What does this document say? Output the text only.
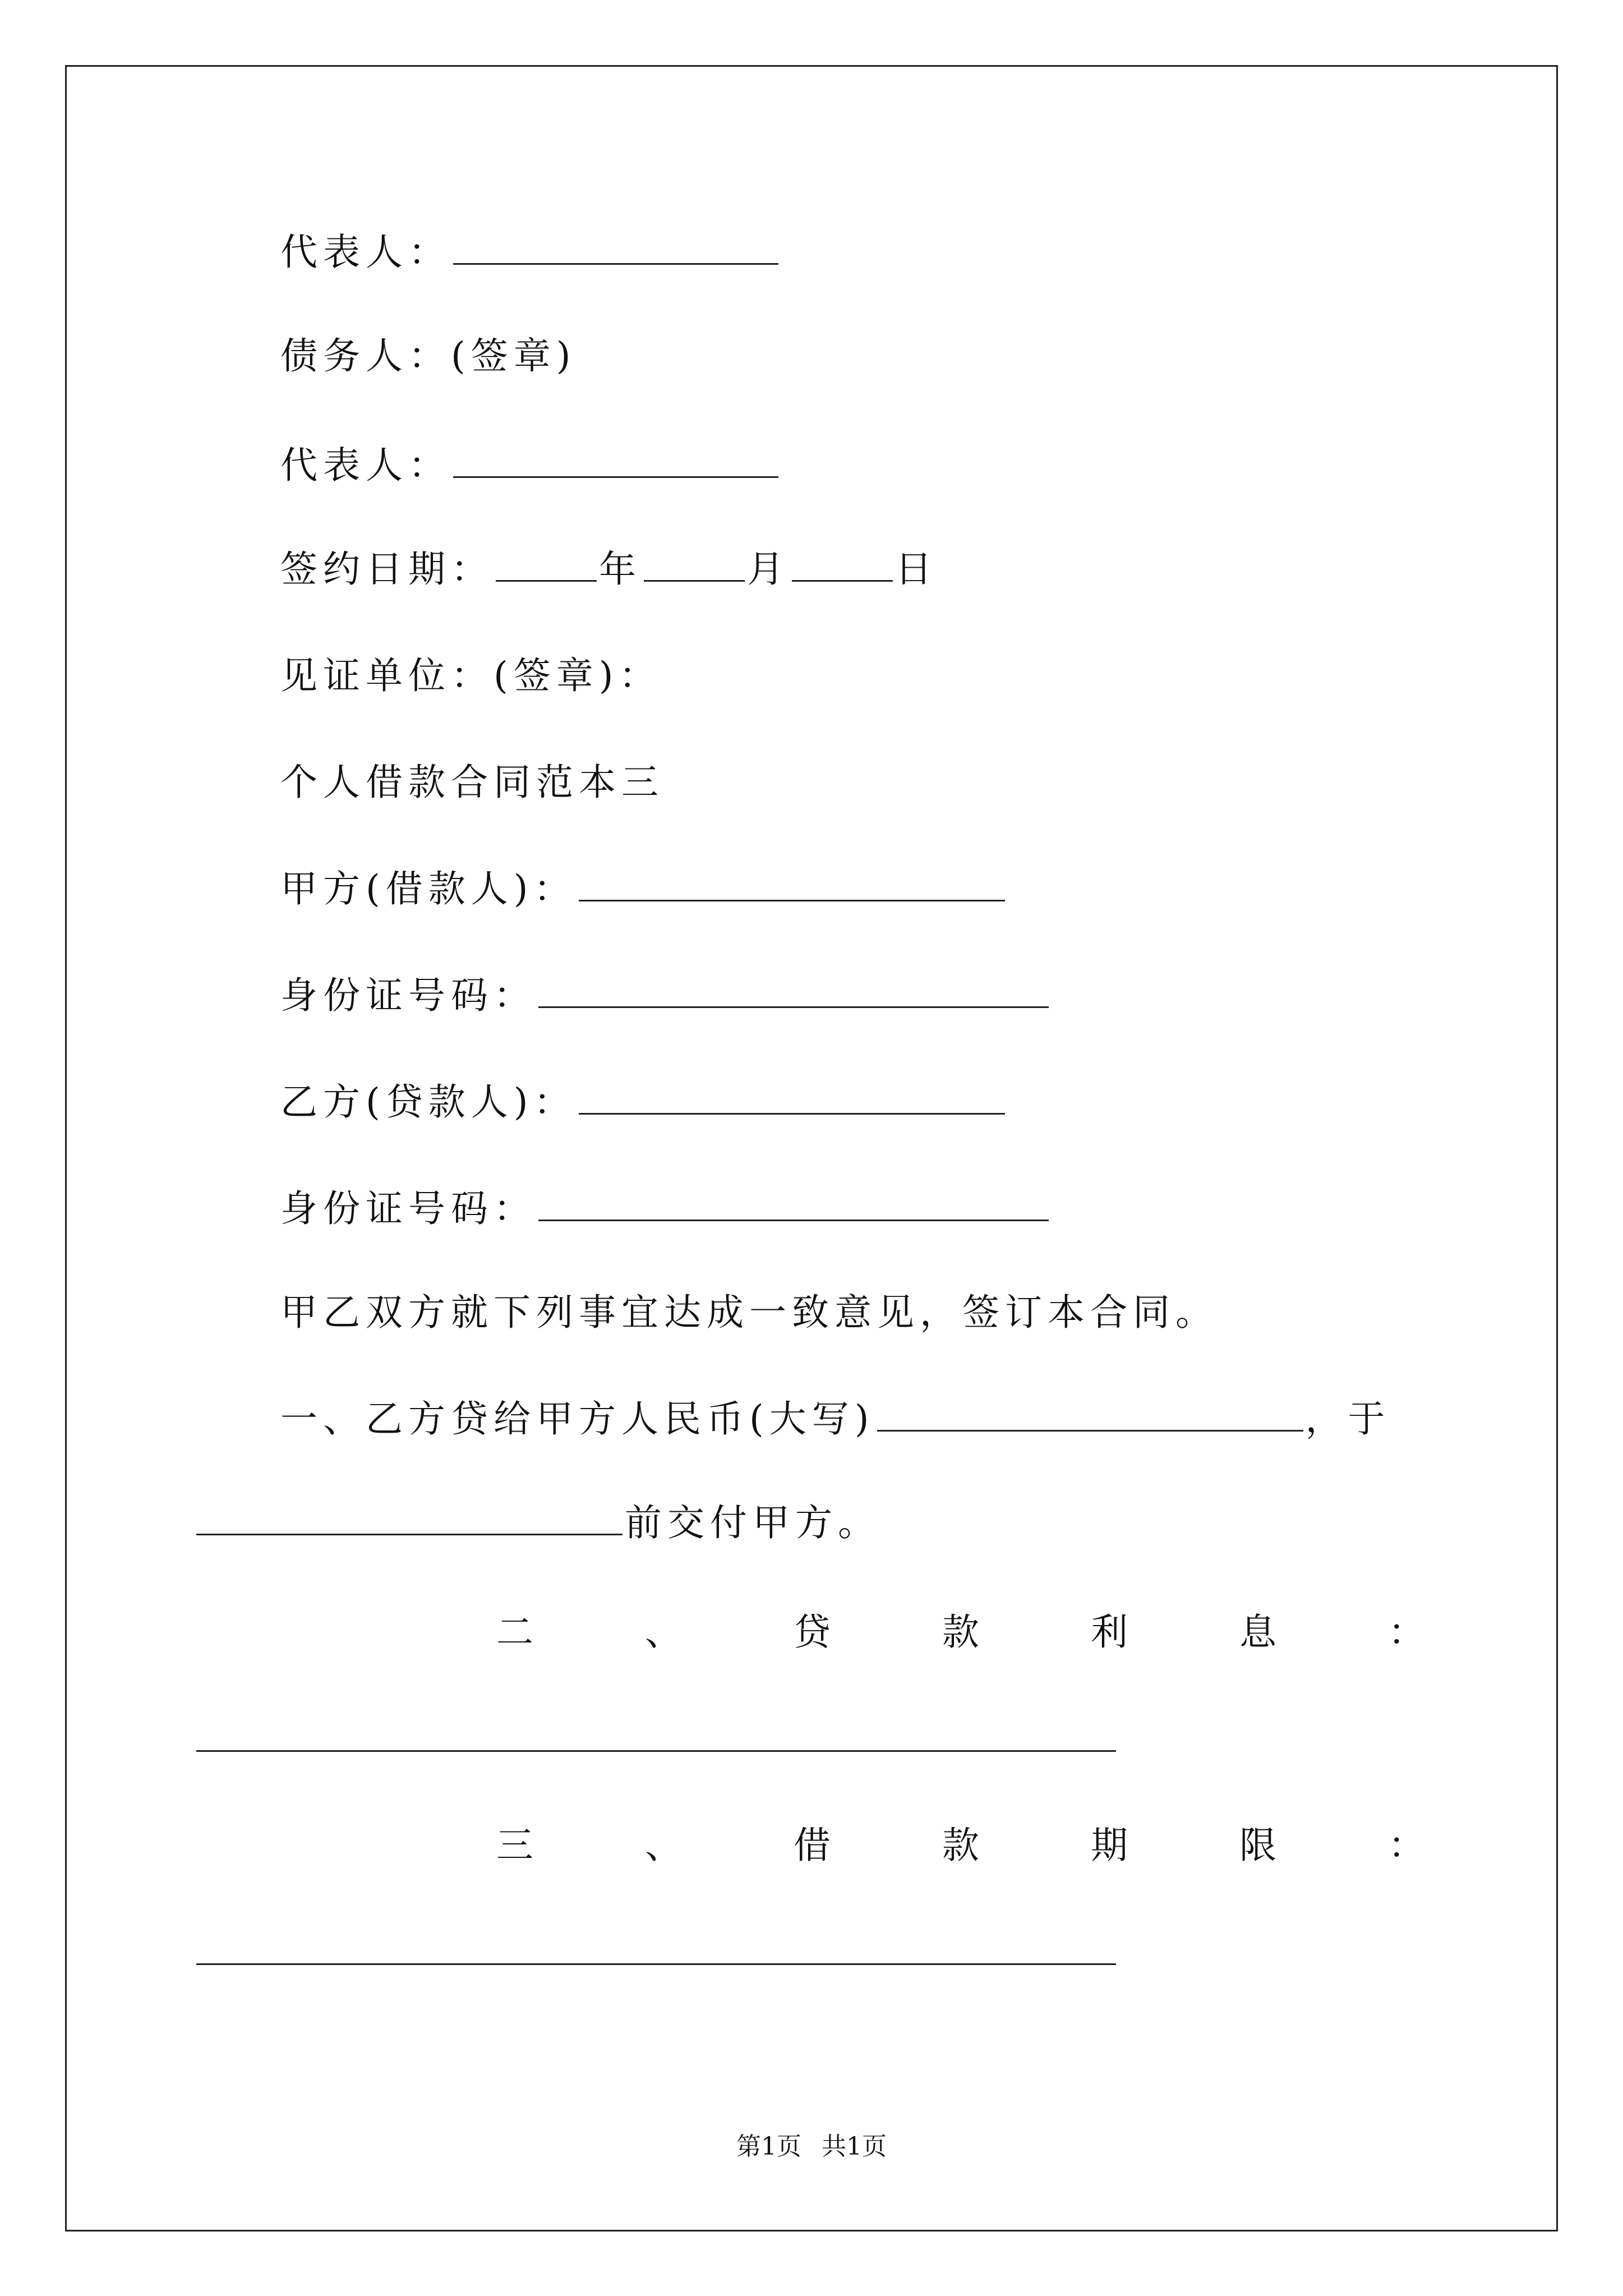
代表人：
债务人：(签章)
代表人：
签约日期：	年	月	日
见证单位：(签章)：
个人借款合同范本三
甲方(借款人)：
身份证号码：
乙方(贷款人)：
身份证号码：
甲乙双方就下列事宜达成一致意见，签订本合同。
一、乙方贷给甲方人民币(大写)	，于
前交付甲方。
二	、	贷	款	利	息	：
三	、	借	款	期	限	：
第1页 共1页
